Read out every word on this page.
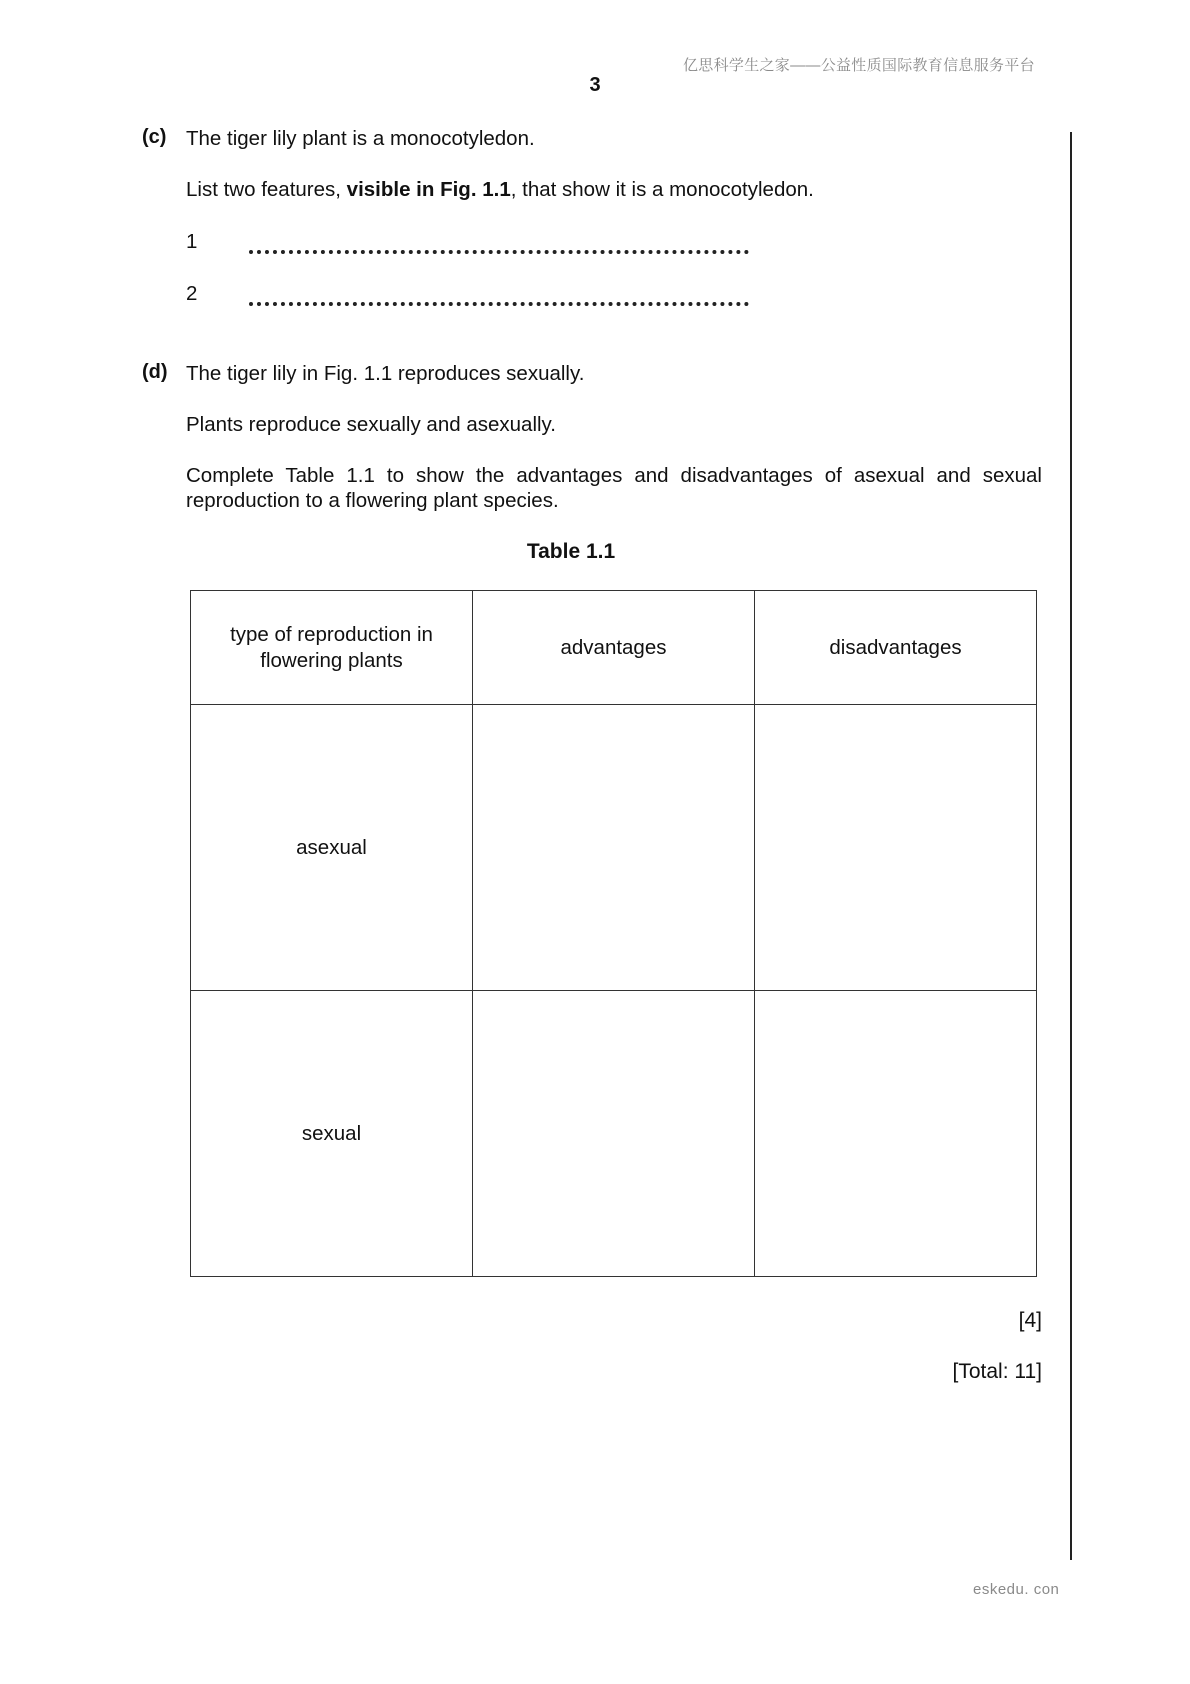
亿思科学生之家——公益性质国际教育信息服务平台
3
(c) The tiger lily plant is a monocotyledon.
List two features, visible in Fig. 1.1, that show it is a monocotyledon.
1
2
(d) The tiger lily in Fig. 1.1 reproduces sexually.
Plants reproduce sexually and asexually.
Complete Table 1.1 to show the advantages and disadvantages of asexual and sexual reproduction to a flowering plant species.
Table 1.1
type of reproduction in flowering plants	advantages	disadvantages
asexual		
sexual		
[4]
[Total: 11]
eskedu. con
